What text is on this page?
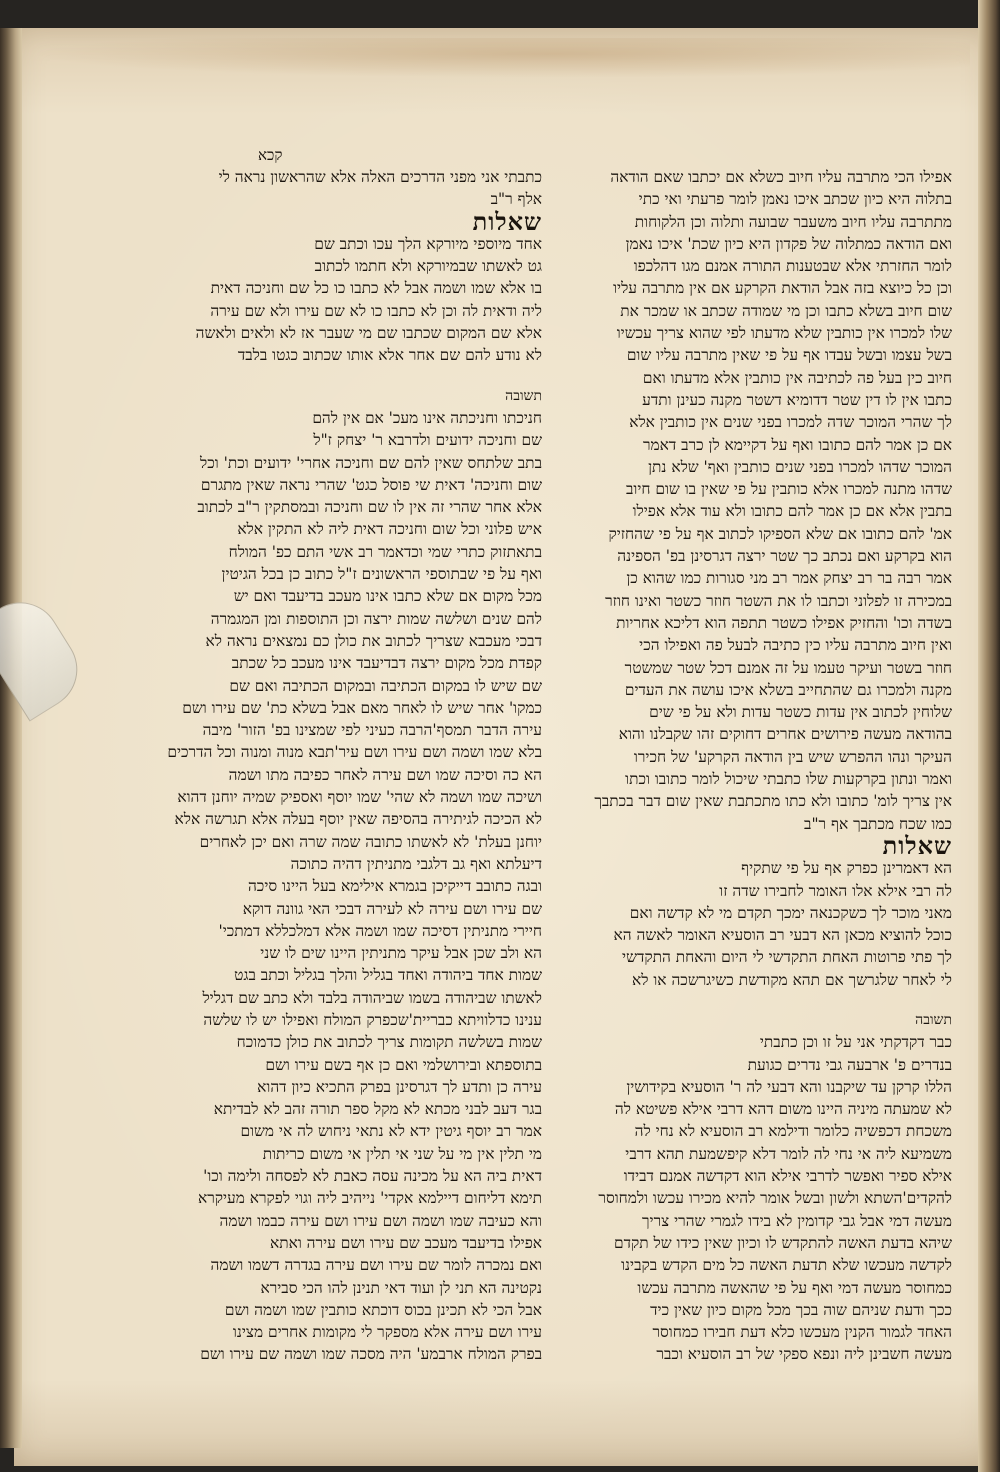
קכא

אפילו הכי מתרבה עליו חיוב כשלא אם יכתבו שאם הודאה

בתלוה היא כיון שכתב איכו נאמן לומר פרעתי ואי כתי

מתתרבה עליו חיוב משעבר שבועה ותלוה וכן הלקוחות

ואם הודאה כמתלוה של פקדון היא כיון שכת' איכו נאמן

לומר החזרתי אלא שבטענות התורה אמנם מגו דהלכפו

וכן כל כיוצא בזה אבל הודאת הקרקע אם אין מתרבה עליו

שום חיוב בשלא כתבו וכן מי שמודה שכתב או שמכר את

שלו למכרו אין כותבין שלא מדעתו לפי שהוא צריך עכשיו

בשל עצמו ובשל עבדו אף על פי שאין מתרבה עליו שום

חיוב כין בעל פה לכתיבה אין כותבין אלא מדעתו ואם

כתבו אין לו דין שטר דדומיא דשטר מקנה כעינן ותדע

לך שהרי המוכר שדה למכרו בפני שנים אין כותבין אלא

אם כן אמר להם כתובו ואף על דקיימא לן כרב דאמר

המוכר שדהו למכרו בפני שנים כותבין ואף' שלא נתן

שדהו מתנה למכרו אלא כותבין על פי שאין בו שום חיוב

בתבין אלא אם כן אמר להם כתובו ולא עוד אלא אפילו

אמ' להם כתובו אם שלא הספיקו לכתוב אף על פי שהחזיק

הוא בקרקע ואם נכתב כך שטר ירצה דגרסינן בפ' הספינה

אמר רבה בר רב יצחק אמר רב מני סגורות כמו שהוא כן

במכירה זו לפלוני וכתבו לו את השטר חוזר כשטר ואינו חוזר

בשדה וכו' והחזיק אפילו כשטר תתפה הוא דליכא אחריות

ואין חיוב מתרבה עליו כין כתיבה לבעל פה ואפילו הכי

חוזר בשטר ועיקר טעמו על זה אמנם דכל שטר שמשטר

מקנה ולמכרו גם שהתחייב בשלא איכו עושה את העדים

שלוחין לכתוב אין עדות כשטר עדות ולא על פי שים

בהודאה מעשה פירושים אחרים דחוקים זהו שקבלנו והוא

העיקר ונהו ההפרש שיש בין הודאה הקרקע' של חכירו

ואמר ונתון בקרקעות שלו כתבתי שיכול לומר כתובו וכתו

אין צריך לומ' כתובו ולא כתו מתכתבת שאין שום דבר בכתבך

כמו שכח מכתבך אף ר"ב

שאלות

הא דאמרינן כפרק אף על פי שתקיף

לה רבי אילא אלו האומר לחבירו שדה זו

מאני מוכר לך כשקכנאה ימכך תקדם מי לא קדשה ואם

כוכל להוציא מכאן הא דבעי רב הוסעיא האומר לאשה הא

לך פתי פרוטות האחת התקדשי לי היום והאחת התקדשי

לי לאחר שלגרשך אם תהא מקודשת כשיגרשכה או לא

תשובה

כבר דקדקתי אני על זו וכן כתבתי

בנדרים פ' ארבעה גבי נדרים כגועת

הללו קרקן עד שיקבנו והא דבעי לה ר' הוסעיא בקידושין

לא שמעתה מיניה היינו משום דהא דרבי אילא פשיטא לה

משכחת דכפשיה כלומר ודילמא רב הוסעיא לא נחי לה

משמיעא ליה אי נחי לה לומר דלא קיפשמעת תהא דרבי

אילא ספיר ואפשר לדרבי אילא הוא דקדשה אמנם דבידו

להקדים'השתא ולשון ובשל אומר להיא מכירו עכשו ולמחוסר

מעשה דמי אבל גבי קדומין לא בידו לגמרי שהרי צריך

שיהא בדעת האשה להתקדש לו וכיון שאין כידו של תקדם

לקדשה מעכשו שלא תדעת האשה כל מים הקדש בקבינו

כמחוסר מעשה דמי ואף על פי שהאשה מתרבה עכשו

ככך ודעת שניהם שוה בכך מכל מקום כיון שאין כיד

האחד לגמור הקנין מעכשו כלא דעת חבירו כמחוסר

מעשה חשבינן ליה ונפא ספקי של רב הוסעיא וכבר

כתבתי אני מפני הדרכים האלה אלא שהראשון נראה לי

אלף ר"ב

שאלות

אחד מיוספי מיורקא הלך עכו וכתב שם

גט לאשתו שבמיורקא ולא חתמו לכתוב

בו אלא שמו ושמה אבל לא כתבו כו כל שם וחניכה דאית

ליה ודאית לה וכן לא כתבו כו לא שם עירו ולא שם עירה

אלא שם המקום שכתבו שם מי שעבר אז לא ולאים ולאשה

לא נודע להם שם אחר אלא אותו שכתוב כגטו בלבד

תשובה

חניכתו וחניכתה אינו מעכ' אם אין להם

שם וחניכה ידועים ולדרבא ר' יצחק ז"ל

בתב שלתחס שאין להם שם וחניכה אחרי' ידועים וכת' וכל

שום וחניכה' דאית שי פוסל כגט' שהרי נראה שאין מתגרם

אלא אחר שהרי זה אין לו שם וחניכה ובמסתקין ר"ב לכתוב

איש פלוני וכל שום וחניכה דאית ליה לא התקין אלא

בתאתזוק כתרי שמי וכדאמר רב אשי התם כפ' המולח

ואף על פי שבתוספי הראשונים ז"ל כתוב כן בכל הגיטין

מכל מקום אם שלא כתבו אינו מעכב בדיעבד ואם יש

להם שנים ושלשה שמות ירצה וכן התוספות ומן המגמרה

דבכי מעכבא שצריך לכתוב את כולן כם נמצאים נראה לא

קפדת מכל מקום ירצה דבדיעבד אינו מעכב כל שכתב

שם שיש לו במקום הכתיבה ובמקום הכתיבה ואם שם

כמקו' אחר שיש לו לאחר מאם אבל בשלא כת' שם עירו ושם

עירה הדבר תמסף'הרבה כעיני לפי שמצינו בפ' הזור' מיבה

בלא שמו ושמה ושם עירו ושם עיר'תבא מנוה ומנוה וכל הדרכים

הא כה וסיכה שמו ושם עירה לאחר כפיבה מתו ושמה

ושיכה שמו ושמה לא שהי' שמו יוסף ואספיק שמיה יוחנן דהוא

לא הכיכה לגיתירה בהסיפה שאין יוסף בעלה אלא תגרשה אלא

יוחנן בעלת' לא לאשתו כתובה שמה שרה ואם יכן לאחרים

דיעלתא ואף גב דלגבי מתניתין דהיה כתוכה

ובגה כתובב דייקיכן בגמרא אילימא בעל היינו סיכה

שם עירו ושם עירה לא לעירה דבכי האי גוונה דוקא

חיירי מתניתין דסיכה שמו ושמה אלא דמלכללא דמתכי'

הא ולב שכן אבל עיקר מתניתין היינו שים לו שני

שמות אחד ביהודה ואחד בגליל והלך בגליל וכתב בגט

לאשתו שביהודה בשמו שביהודה בלבד ולא כתב שם דגליל

ענינו כדלוויתא כבריית'שכפרק המולח ואפילו יש לו שלשה

שמות בשלשה תקומות צריך לכתוב את כולן כדמוכח

בתוספתא ובירושלמי ואם כן אף בשם עירו ושם

עירה כן ותדע לך דגרסינן בפרק התכיא כיון דהוא

בגר דעב לבני מכתא לא מקל ספר תורה זהב לא לבדיתא

אמר רב יוסף גיטין ידא לא נתאי ניחוש לה אי משום

מי תלין אין מי על שני אי תלין אי משום כריתות

דאית ביה הא על מכינה עסה כאבת לא לפסחה ולימה וכו'

תימא דליחום דיילמא אקדי' נייהיב ליה וגוי לפקרא מעיקרא

והא כעיבה שמו ושמה ושם עירו ושם עירה כבמו ושמה

אפילו בדיעבד מעכב שם עירו ושם עירה ואתא

ואם נמכרה לומר שם עירו ושם עירה בגדרה דשמו ושמה

נקטינה הא תני לן ועוד דאי תנינן להו הכי סבירא

אבל הכי לא תכינן בכוס דוכתא כותבין שמו ושמה ושם

עירו ושם עירה אלא מספקר לי מקומות אחרים מצינו

בפרק המולח ארבמע' היה מסכה שמו ושמה שם עירו ושם
